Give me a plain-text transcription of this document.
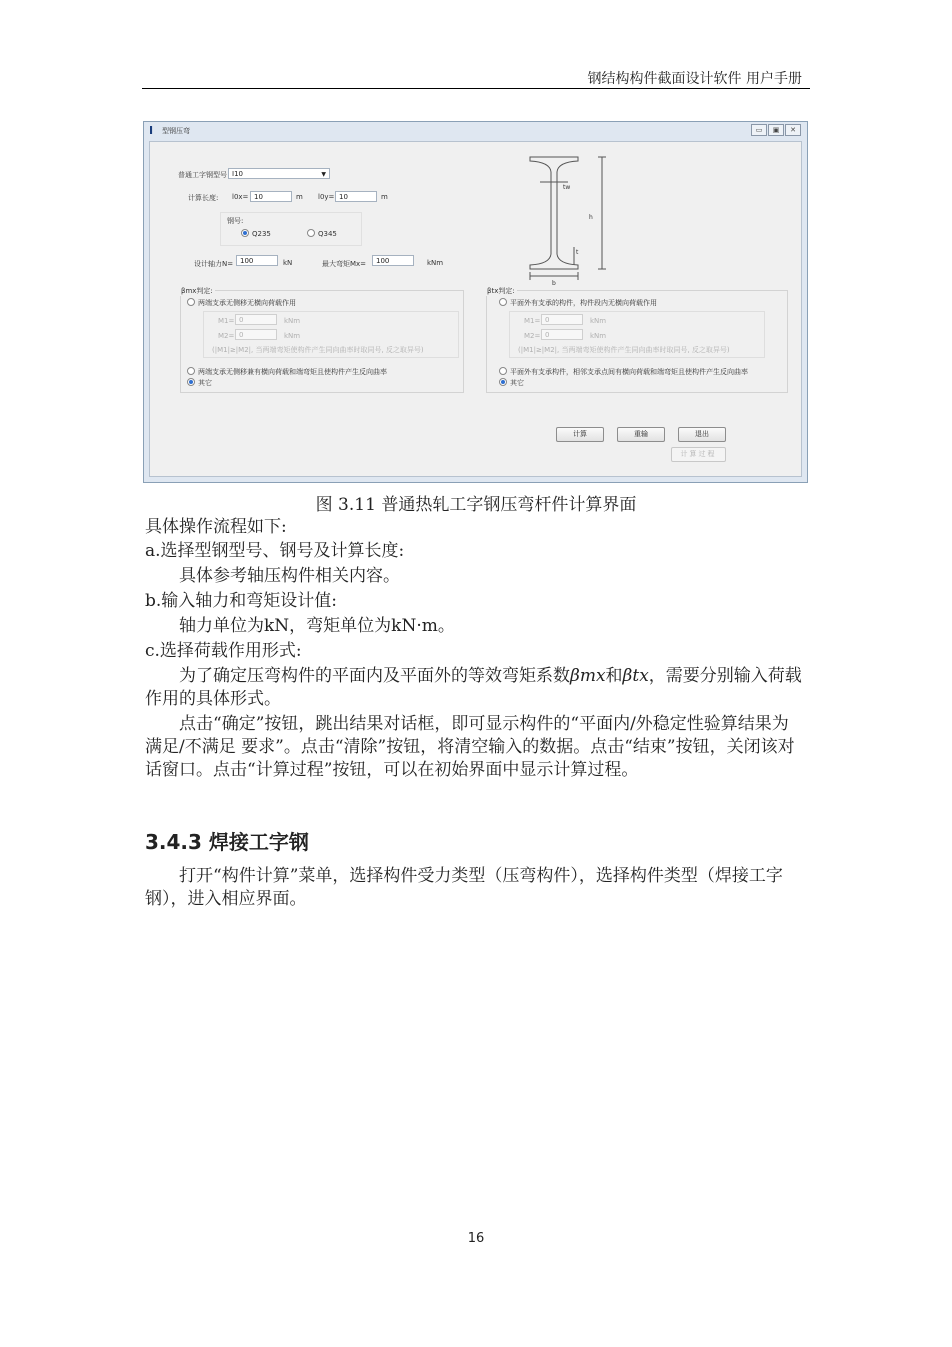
钢结构构件截面设计软件 用户手册
I 型钢压弯	▭	▣	✕
普通工字钢型号 I10	▼
计算长度: l0x= 10	m l0y= 10	m
钢号:
Q235	Q345
设计轴力N= 100	kN	最大弯矩Mx=	100	kNm
tw
h
t
b
βmx判定:
两端支承无侧移无横向荷载作用
M1= 0	kNm
M2= 0	kNm
(|M1|≥|M2|, 当两端弯矩使构件产生同向曲率时取同号, 反之取异号)
两端支承无侧移兼有横向荷载和端弯矩且使构件产生反向曲率
其它
βtx判定:
平面外有支承的构件，构件段内无横向荷载作用
M1= 0	kNm
M2= 0	kNm
(|M1|≥|M2|, 当两端弯矩使构件产生同向曲率时取同号, 反之取异号)
平面外有支承构件，相邻支承点间有横向荷载和端弯矩且使构件产生反向曲率
其它
计算	重输	退出
计算过程
图 3.11 普通热轧工字钢压弯杆件计算界面
具体操作流程如下:
a.选择型钢型号、钢号及计算长度:
具体参考轴压构件相关内容。
b.输入轴力和弯矩设计值:
轴力单位为kN，弯矩单位为kN·m。
c.选择荷载作用形式:
为了确定压弯构件的平面内及平面外的等效弯矩系数βmx和βtx，需要分别输入荷载作用的具体形式。
点击“确定”按钮，跳出结果对话框，即可显示构件的“平面内/外稳定性验算结果为 满足/不满足 要求”。点击“清除”按钮，将清空输入的数据。点击“结束”按钮，关闭该对话窗口。点击“计算过程”按钮，可以在初始界面中显示计算过程。
3.4.3 焊接工字钢
打开“构件计算”菜单，选择构件受力类型（压弯构件），选择构件类型（焊接工字钢），进入相应界面。
16
